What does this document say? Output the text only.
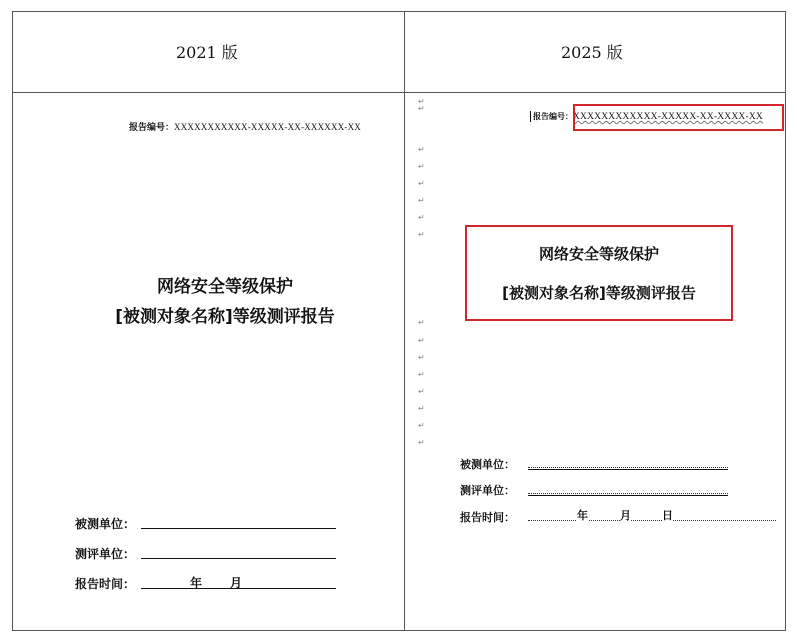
2021 版	2025 版
报告编号：XXXXXXXXXXX-XXXXX-XX-XXXXXX-XX
网络安全等级保护
[被测对象名称]等级测评报告
被测单位：
测评单位：
报告时间：	年 月
↵
↵
↵
↵
↵
↵
↵
↵
↵
↵
↵
↵
↵
↵
↵
↵
报告编号：XXXXXXXXXXXX-XXXXX-XX-XXXX-XX
网络安全等级保护
[被测对象名称]等级测评报告
被测单位：
测评单位：
报告时间：	年	月	日
